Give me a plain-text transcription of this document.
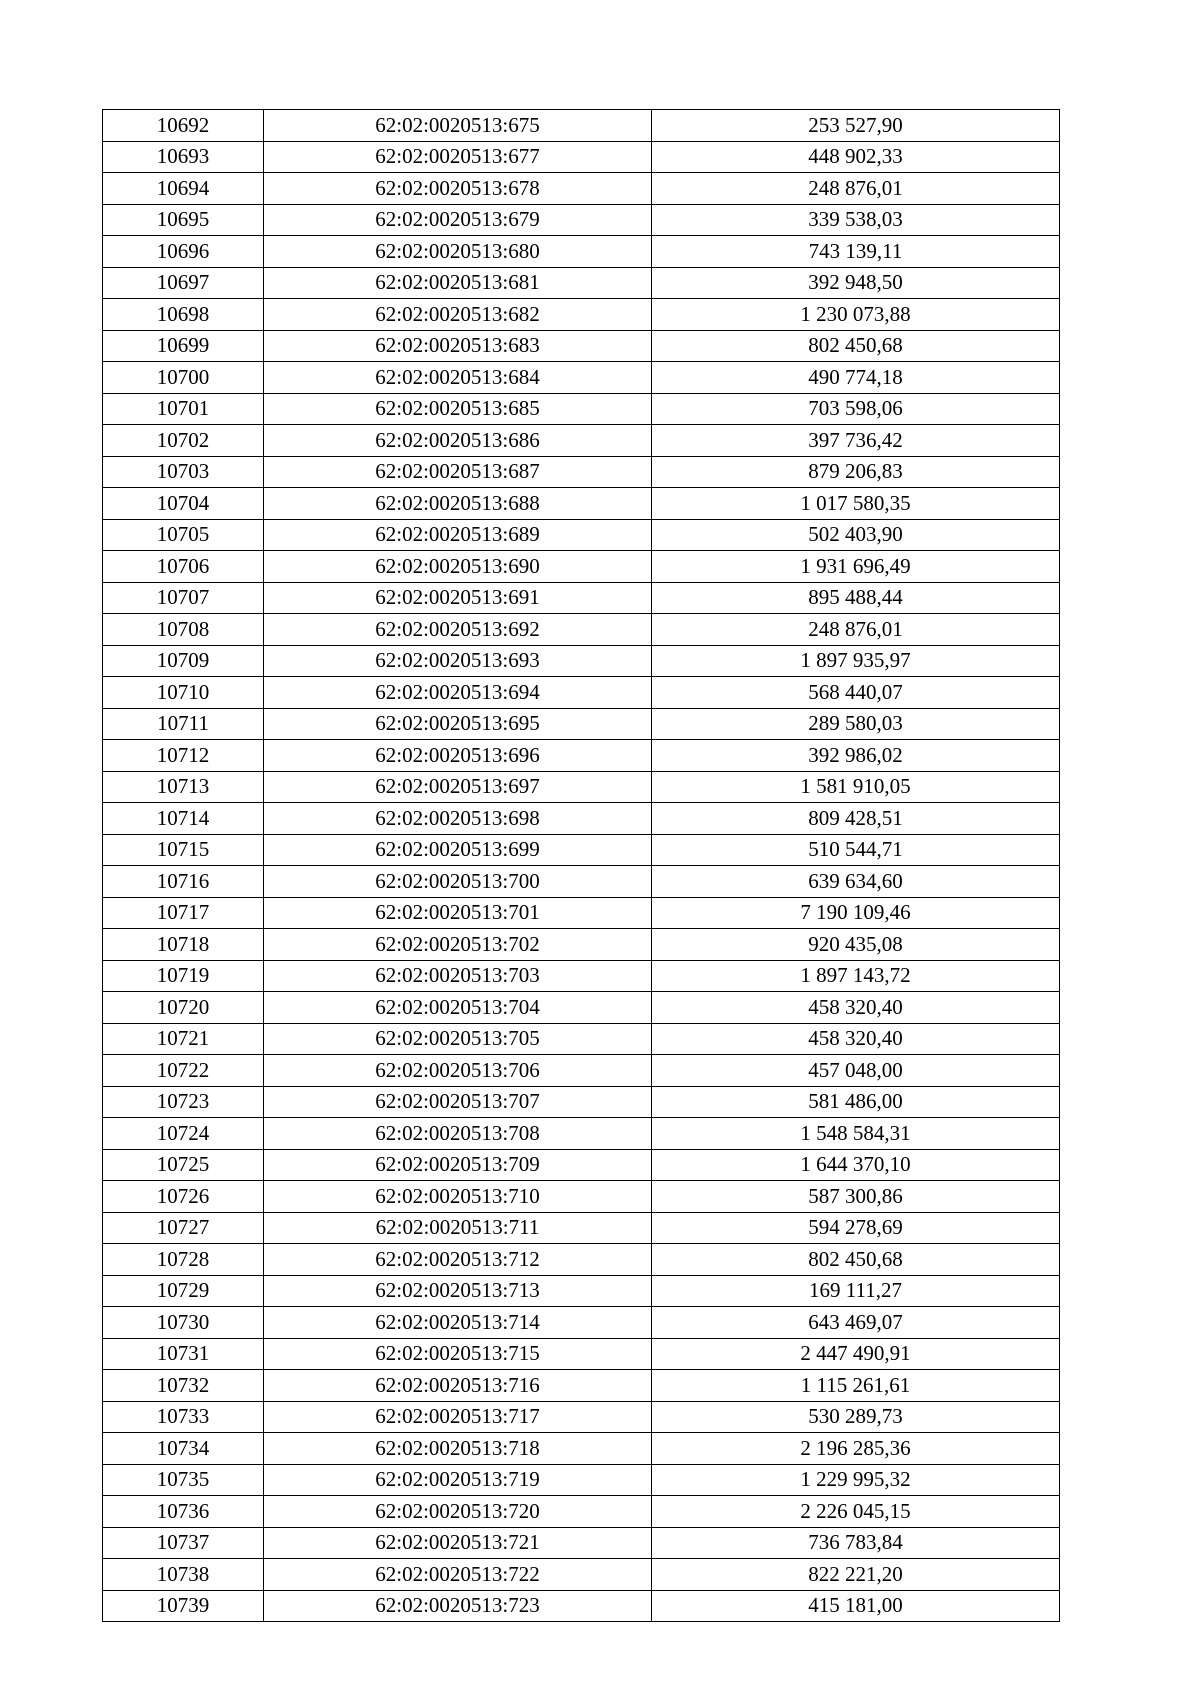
10692	62:02:0020513:675	253 527,90
10693	62:02:0020513:677	448 902,33
10694	62:02:0020513:678	248 876,01
10695	62:02:0020513:679	339 538,03
10696	62:02:0020513:680	743 139,11
10697	62:02:0020513:681	392 948,50
10698	62:02:0020513:682	1 230 073,88
10699	62:02:0020513:683	802 450,68
10700	62:02:0020513:684	490 774,18
10701	62:02:0020513:685	703 598,06
10702	62:02:0020513:686	397 736,42
10703	62:02:0020513:687	879 206,83
10704	62:02:0020513:688	1 017 580,35
10705	62:02:0020513:689	502 403,90
10706	62:02:0020513:690	1 931 696,49
10707	62:02:0020513:691	895 488,44
10708	62:02:0020513:692	248 876,01
10709	62:02:0020513:693	1 897 935,97
10710	62:02:0020513:694	568 440,07
10711	62:02:0020513:695	289 580,03
10712	62:02:0020513:696	392 986,02
10713	62:02:0020513:697	1 581 910,05
10714	62:02:0020513:698	809 428,51
10715	62:02:0020513:699	510 544,71
10716	62:02:0020513:700	639 634,60
10717	62:02:0020513:701	7 190 109,46
10718	62:02:0020513:702	920 435,08
10719	62:02:0020513:703	1 897 143,72
10720	62:02:0020513:704	458 320,40
10721	62:02:0020513:705	458 320,40
10722	62:02:0020513:706	457 048,00
10723	62:02:0020513:707	581 486,00
10724	62:02:0020513:708	1 548 584,31
10725	62:02:0020513:709	1 644 370,10
10726	62:02:0020513:710	587 300,86
10727	62:02:0020513:711	594 278,69
10728	62:02:0020513:712	802 450,68
10729	62:02:0020513:713	169 111,27
10730	62:02:0020513:714	643 469,07
10731	62:02:0020513:715	2 447 490,91
10732	62:02:0020513:716	1 115 261,61
10733	62:02:0020513:717	530 289,73
10734	62:02:0020513:718	2 196 285,36
10735	62:02:0020513:719	1 229 995,32
10736	62:02:0020513:720	2 226 045,15
10737	62:02:0020513:721	736 783,84
10738	62:02:0020513:722	822 221,20
10739	62:02:0020513:723	415 181,00
